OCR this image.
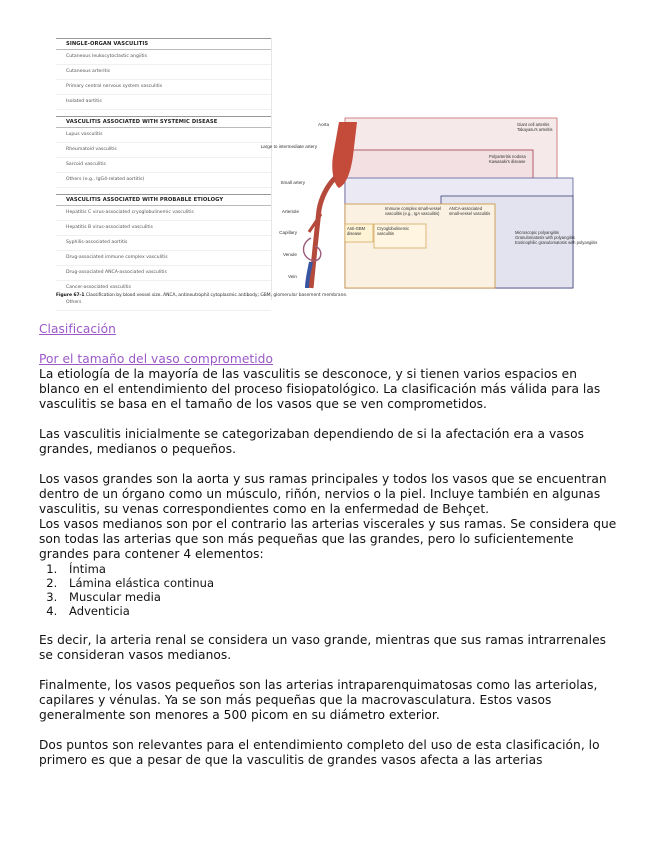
SINGLE-ORGAN VASCULITIS
Cutaneous leukocytoclastic angiitis
Cutaneous arteritis
Primary central nervous system vasculitis
Isolated aortitis
VASCULITIS ASSOCIATED WITH SYSTEMIC DISEASE
Lupus vasculitis
Rheumatoid vasculitis
Sarcoid vasculitis
Others (e.g., IgG4-related aortitis)
VASCULITIS ASSOCIATED WITH PROBABLE ETIOLOGY
Hepatitis C virus-associated cryoglobulinemic vasculitis
Hepatitis B virus-associated vasculitis
Syphilis-associated aortitis
Drug-associated immune complex vasculitis
Drug-associated ANCA-associated vasculitis
Cancer-associated vasculitis
Others
Aorta
Large to intermediate artery
Small artery
Arteriole
Capillary
Venule
Vein
Giant cell arteritis Takayasu's arteritis
Polyarteritis nodosa Kawasaki's disease
Immune complex small-vessel vasculitis (e.g., IgA vasculitis)
Anti-GBM disease
Cryoglobulinemic vasculitis
ANCA-associated small-vessel vasculitis
Microscopic polyangiitis Granulomatosis with polyangiitis Eosinophilic granulomatosis with polyangiitis
Figure 67-1 Classification by blood vessel size. ANCA, antineutrophil cytoplasmic antibody; GBM, glomerular basement membrane.

Clasificación

Por el tamaño del vaso comprometido

La etiología de la mayoría de las vasculitis se desconoce, y si tienen varios espacios en blanco en el entendimiento del proceso fisiopatológico. La clasificación más válida para las vasculitis se basa en el tamaño de los vasos que se ven comprometidos.

Las vasculitis inicialmente se categorizaban dependiendo de si la afectación era a vasos grandes, medianos o pequeños.

Los vasos grandes son la aorta y sus ramas principales y todos los vasos que se encuentran dentro de un órgano como un músculo, riñón, nervios o la piel. Incluye también en algunas vasculitis, su venas correspondientes como en la enfermedad de Behçet.

Los vasos medianos son por el contrario las arterias viscerales y sus ramas. Se considera que son todas las arterias que son más pequeñas que las grandes, pero lo suficientemente grandes para contener 4 elementos:

1. Íntima
2. Lámina elástica continua
3. Muscular media
4. Adventicia

Es decir, la arteria renal se considera un vaso grande, mientras que sus ramas intrarrenales se consideran vasos medianos.

Finalmente, los vasos pequeños son las arterias intraparenquimatosas como las arteriolas, capilares y vénulas. Ya se son más pequeñas que la macrovasculatura. Estos vasos generalmente son menores a 500 picom en su diámetro exterior.

Dos puntos son relevantes para el entendimiento completo del uso de esta clasificación, lo primero es que a pesar de que la vasculitis de grandes vasos afecta a las arterias
